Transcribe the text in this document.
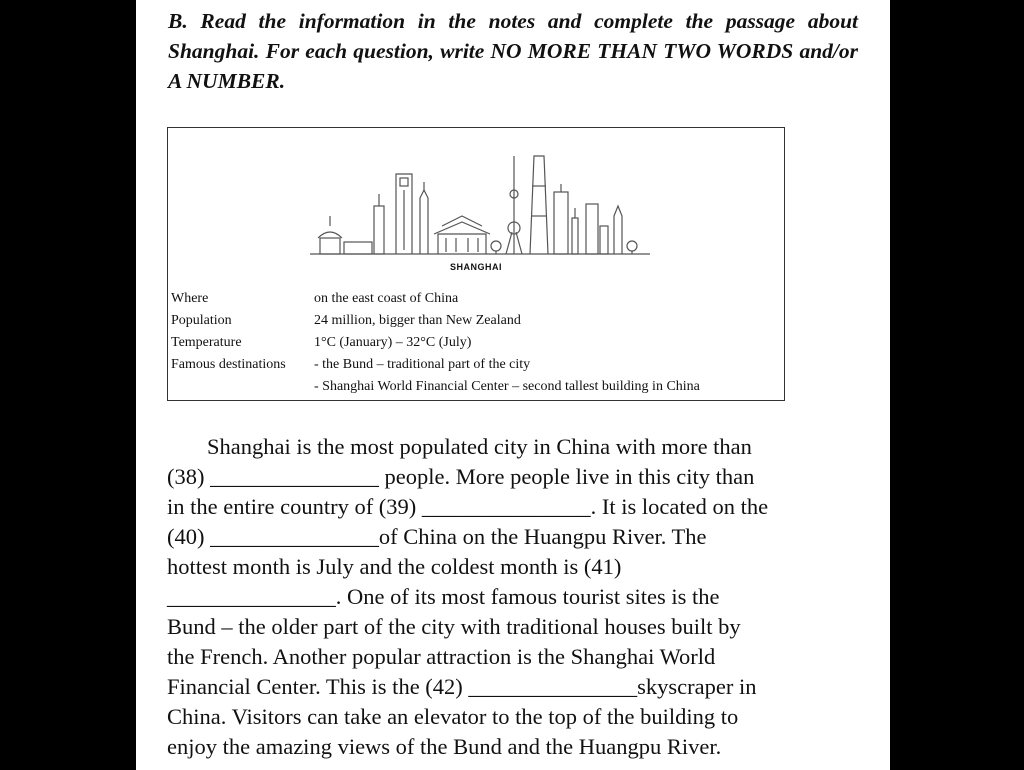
B. Read the information in the notes and complete the passage about Shanghai. For each question, write NO MORE THAN TWO WORDS and/or A NUMBER.

SHANGHAI
Where	on the east coast of China
Population	24 million, bigger than New Zealand
Temperature	1°C (January) – 32°C (July)
Famous destinations	- the Bund – traditional part of the city
- Shanghai World Financial Center – second tallest building in China
Shanghai is the most populated city in China with more than
(38) _______________ people. More people live in this city than
in the entire country of (39) _______________. It is located on the
(40) _______________of China on the Huangpu River. The
hottest month is July and the coldest month is (41)
_______________. One of its most famous tourist sites is the
Bund – the older part of the city with traditional houses built by
the French. Another popular attraction is the Shanghai World
Financial Center. This is the (42) _______________skyscraper in
China. Visitors can take an elevator to the top of the building to
enjoy the amazing views of the Bund and the Huangpu River.
